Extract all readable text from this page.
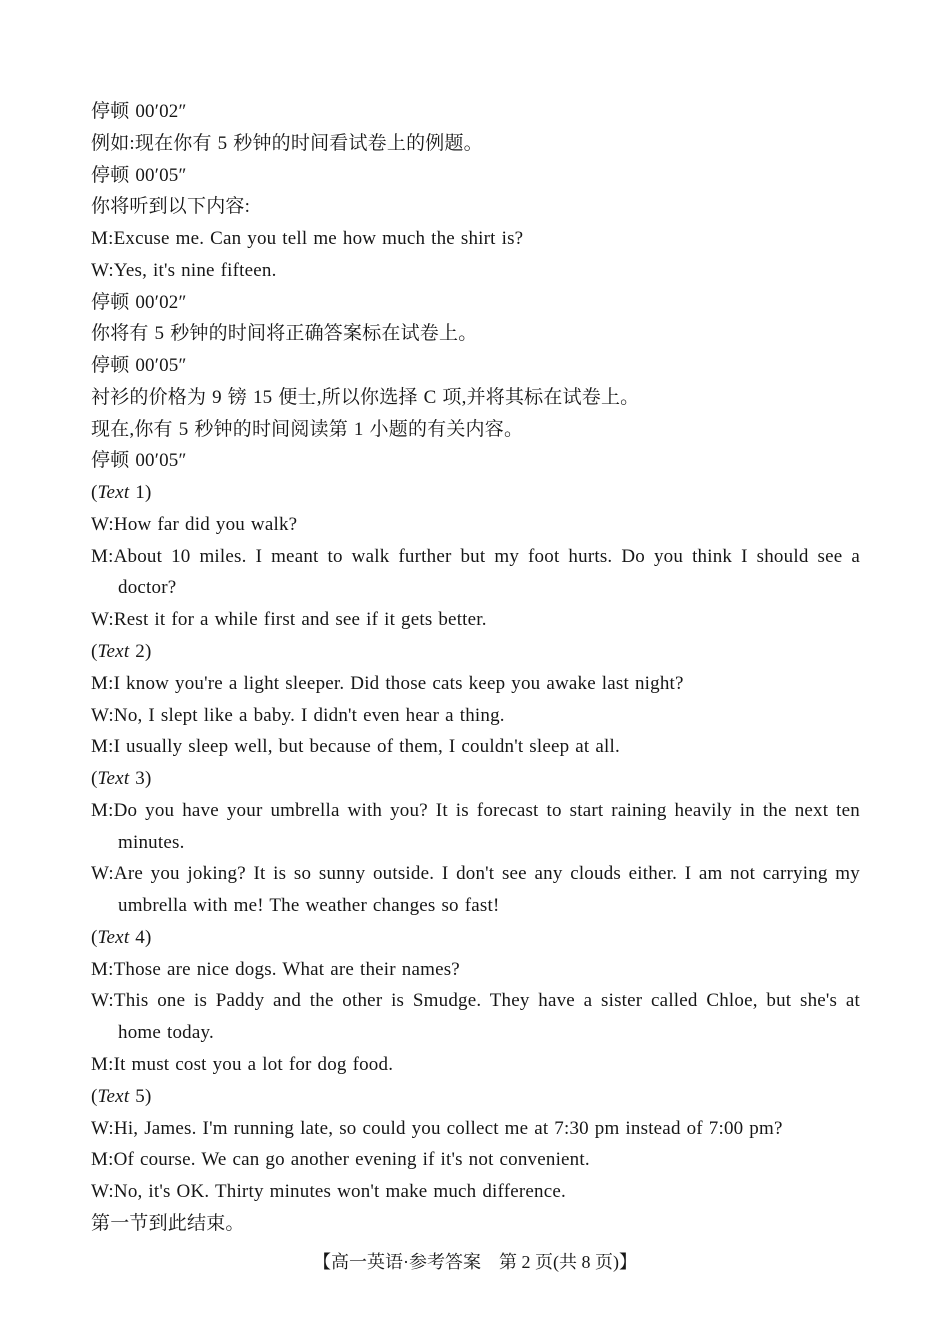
停顿 00′02″
例如:现在你有 5 秒钟的时间看试卷上的例题。
停顿 00′05″
你将听到以下内容:
M:Excuse me. Can you tell me how much the shirt is?
W:Yes, it's nine fifteen.
停顿 00′02″
你将有 5 秒钟的时间将正确答案标在试卷上。
停顿 00′05″
衬衫的价格为 9 镑 15 便士,所以你选择 C 项,并将其标在试卷上。
现在,你有 5 秒钟的时间阅读第 1 小题的有关内容。
停顿 00′05″
(Text 1)
W:How far did you walk?
M:About 10 miles. I meant to walk further but my foot hurts. Do you think I should see a
doctor?
W:Rest it for a while first and see if it gets better.
(Text 2)
M:I know you're a light sleeper. Did those cats keep you awake last night?
W:No, I slept like a baby. I didn't even hear a thing.
M:I usually sleep well, but because of them, I couldn't sleep at all.
(Text 3)
M:Do you have your umbrella with you? It is forecast to start raining heavily in the next ten
minutes.
W:Are you joking? It is so sunny outside. I don't see any clouds either. I am not carrying my
umbrella with me! The weather changes so fast!
(Text 4)
M:Those are nice dogs. What are their names?
W:This one is Paddy and the other is Smudge. They have a sister called Chloe, but she's at
home today.
M:It must cost you a lot for dog food.
(Text 5)
W:Hi, James. I'm running late, so could you collect me at 7:30 pm instead of 7:00 pm?
M:Of course. We can go another evening if it's not convenient.
W:No, it's OK. Thirty minutes won't make much difference.
第一节到此结束。
【高一英语·参考答案　第 2 页(共 8 页)】
